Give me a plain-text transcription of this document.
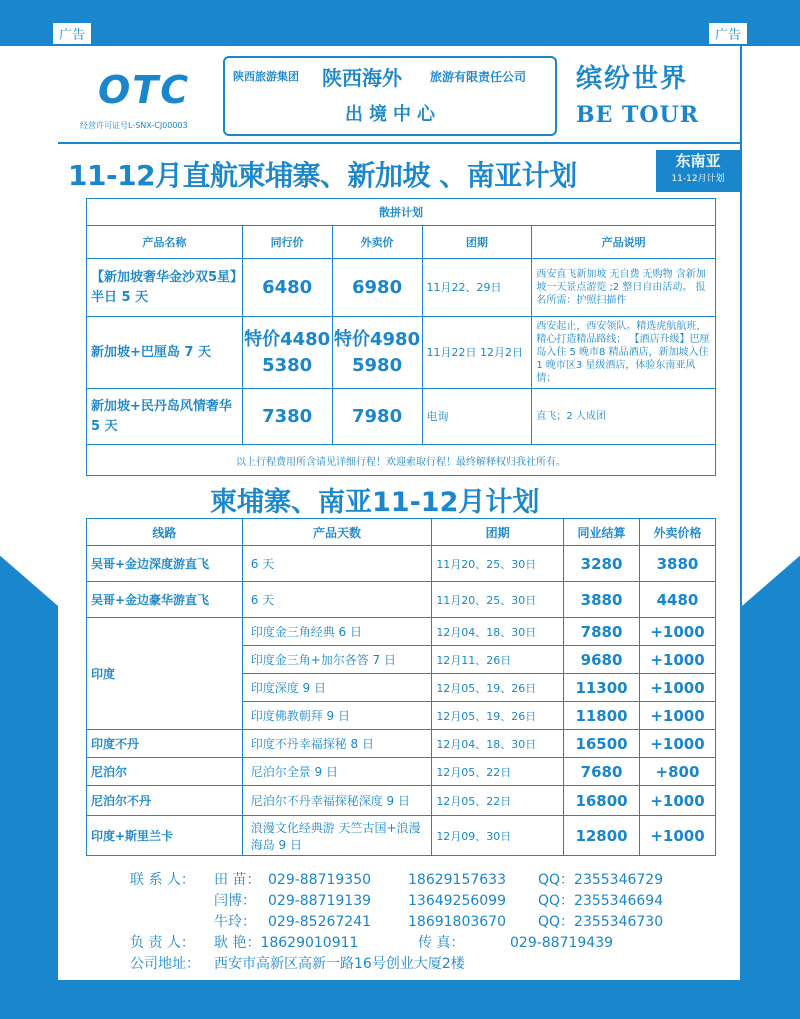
广告	广告
陕
西
海
外
陕
西
海
外
OTC
经营许可证号L-SNX-CJ00003
陕西旅游集团 陕西海外 旅游有限责任公司
出境中心
缤纷世界
BE TOUR
11-12月直航柬埔寨、新加坡 、南亚计划	东南亚
11-12月计划
散拼计划				
产品名称	同行价	外卖价	团期	产品说明
【新加坡奢华金沙双5星】半日 5 天	6480	6980	11月22、29日	西安直飞新加坡 无自费 无购物 含新加坡一天景点游览 ;2 整日自由活动。 报名所需：护照扫描件
新加坡+巴厘岛 7 天	特价4480 5380	特价4980 5980	11月22日 12月2日	西安起止，西安领队。精选虎航航班，精心打造精品路线； 【酒店升级】巴厘岛入住 5 晚市8 精品酒店，新加坡入住 1 晚市区3 星级酒店，体验东南亚风情；
新加坡+民丹岛风情奢华 5 天	7380	7980	电询	直飞；2 人成团
以上行程费用所含请见详细行程！欢迎索取行程！最终解释权归我社所有。				
柬埔寨、南亚11-12月计划
线路	产品天数	团期	同业结算	外卖价格
吴哥+金边深度游直飞	6 天	11月20、25、30日	3280	3880
吴哥+金边豪华游直飞	6 天	11月20、25、30日	3880	4480
印度	印度金三角经典 6 日	12月04、18、30日	7880	+1000
	印度金三角+加尔各答 7 日	12月11、26日	9680	+1000
	印度深度 9 日	12月05、19、26日	11300	+1000
	印度佛教朝拜 9 日	12月05、19、26日	11800	+1000
印度不丹	印度不丹幸福探秘 8 日	12月04、18、30日	16500	+1000
尼泊尔	尼泊尔全景 9 日	12月05、22日	7680	+800
尼泊尔不丹	尼泊尔不丹幸福探秘深度 9 日	12月05、22日	16800	+1000
印度+斯里兰卡	浪漫文化经典游 天竺古国+浪漫海岛 9 日	12月09、30日	12800	+1000
联 系 人： 田 苗： 029-88719350	18629157633 QQ：2355346729
闫博： 029-88719139	13649256099 QQ：2355346694
牛玲： 029-85267241	18691803670 QQ：2355346730
负 责 人： 耿 艳：18629010911	传 真：	029-88719439
公司地址： 西安市高新区高新一路16号创业大厦2楼
彩68 西北国际版 旅游网站建设专家 www.xinyour.net 专注旅游微电商研发
